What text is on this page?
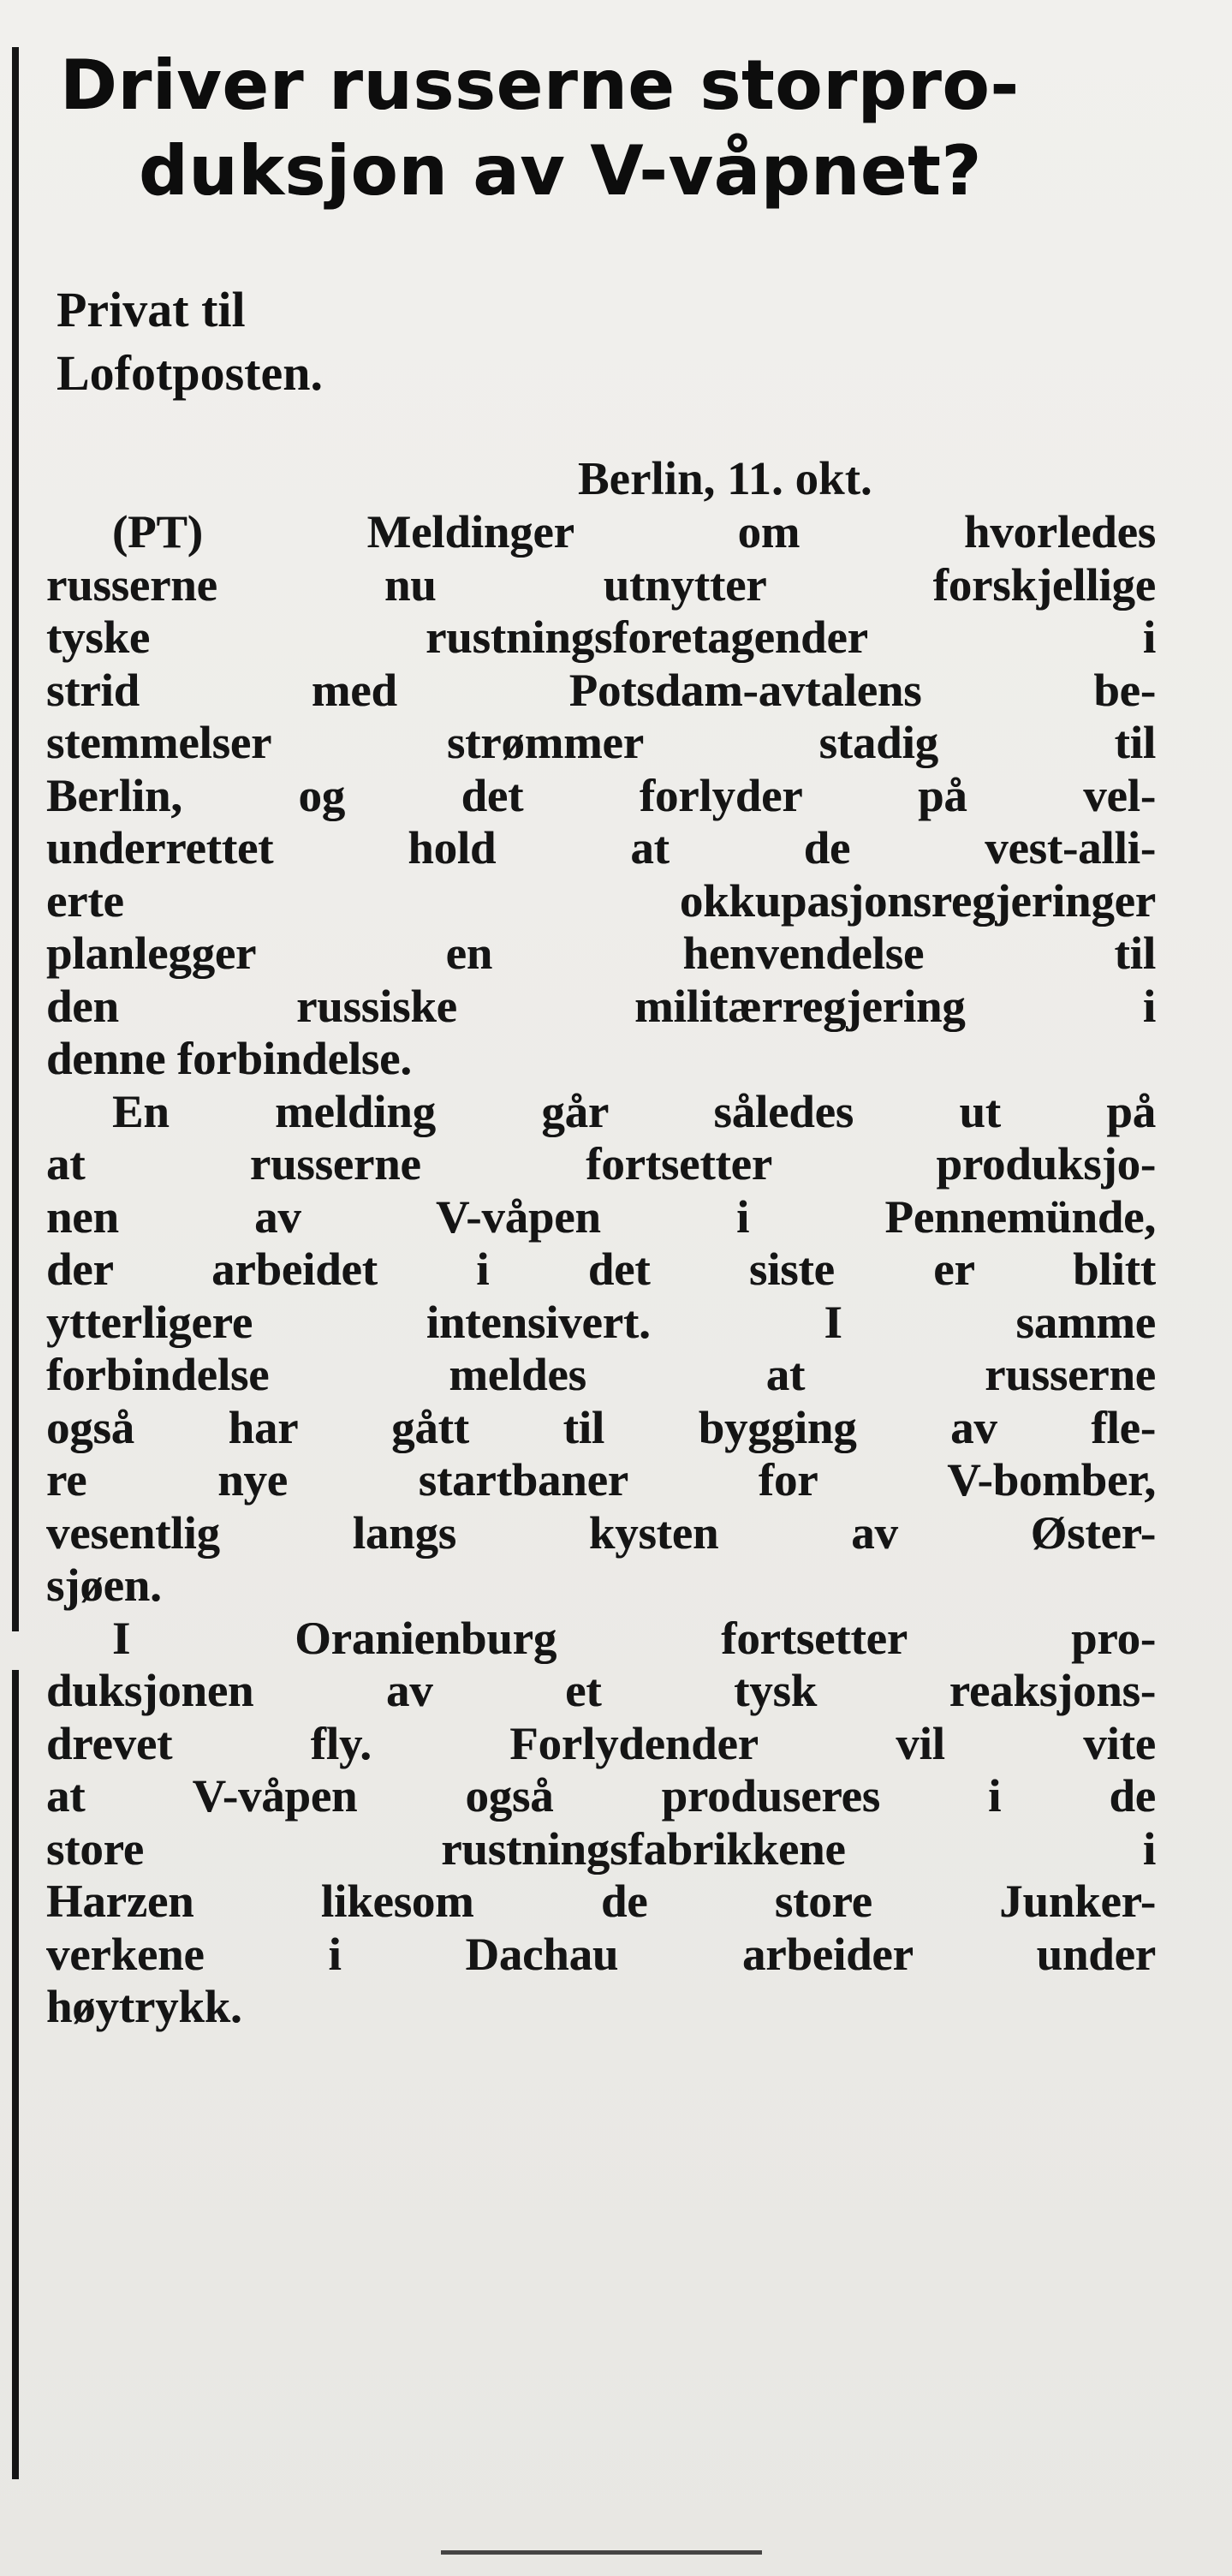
Driver russerne storpro-
duksjon av V-våpnet?
Privat til
Lofotposten.
Berlin, 11. okt.

(PT) Meldinger om hvorledes
russerne nu utnytter forskjellige
tyske rustningsforetagender i
strid med Potsdam-avtalens be-
stemmelser strømmer stadig til
Berlin, og det forlyder på vel-
underrettet hold at de vest-alli-
erte okkupasjonsregjeringer
planlegger en henvendelse til
den russiske militærregjering i
denne forbindelse.

En melding går således ut på
at russerne fortsetter produksjo-
nen av V-våpen i Pennemünde,
der arbeidet i det siste er blitt
ytterligere intensivert. I samme
forbindelse meldes at russerne
også har gått til bygging av fle-
re nye startbaner for V-bomber,
vesentlig langs kysten av Øster-
sjøen.

I Oranienburg fortsetter pro-
duksjonen av et tysk reaksjons-
drevet fly. Forlydender vil vite
at V-våpen også produseres i de
store rustningsfabrikkene i
Harzen likesom de store Junker-
verkene i Dachau arbeider under
høytrykk.
